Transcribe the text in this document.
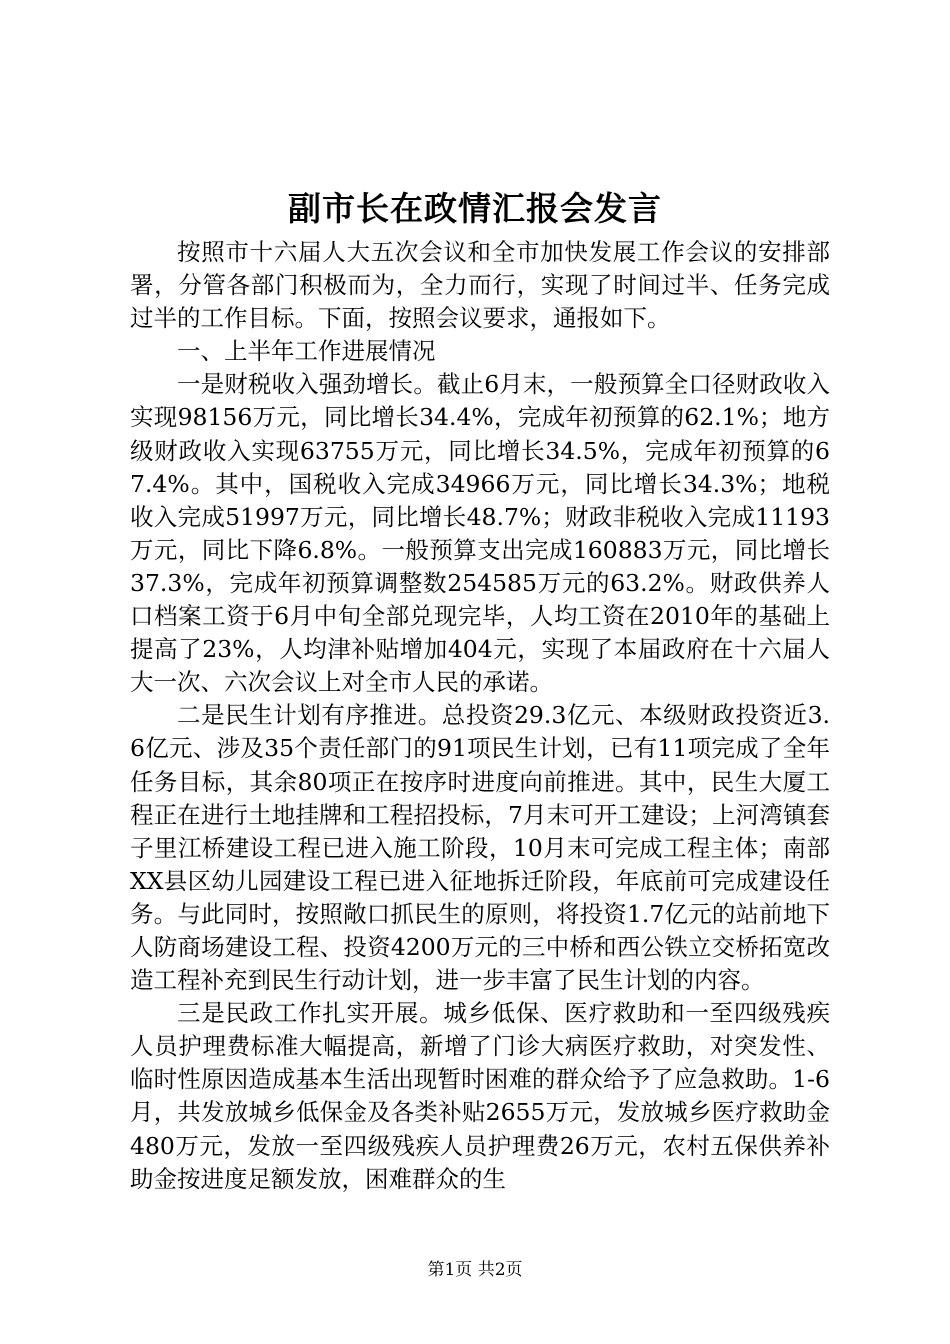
副市长在政情汇报会发言

按照市十六届人大五次会议和全市加快发展工作会议的安排部署，分管各部门积极而为，全力而行，实现了时间过半、任务完成过半的工作目标。下面，按照会议要求，通报如下。

一、上半年工作进展情况

一是财税收入强劲增长。截止6月末，一般预算全口径财政收入实现98156万元，同比增长34.4%，完成年初预算的62.1%；地方级财政收入实现63755万元，同比增长34.5%，完成年初预算的67.4%。其中，国税收入完成34966万元，同比增长34.3%；地税收入完成51997万元，同比增长48.7%；财政非税收入完成11193万元，同比下降6.8%。一般预算支出完成160883万元，同比增长37.3%，完成年初预算调整数254585万元的63.2%。财政供养人口档案工资于6月中旬全部兑现完毕，人均工资在2010年的基础上提高了23%，人均津补贴增加404元，实现了本届政府在十六届人大一次、六次会议上对全市人民的承诺。

二是民生计划有序推进。总投资29.3亿元、本级财政投资近3.6亿元、涉及35个责任部门的91项民生计划，已有11项完成了全年任务目标，其余80项正在按序时进度向前推进。其中，民生大厦工程正在进行土地挂牌和工程招投标，7月末可开工建设；上河湾镇套子里江桥建设工程已进入施工阶段，10月末可完成工程主体；南部XX县区幼儿园建设工程已进入征地拆迁阶段，年底前可完成建设任务。与此同时，按照敞口抓民生的原则，将投资1.7亿元的站前地下人防商场建设工程、投资4200万元的三中桥和西公铁立交桥拓宽改造工程补充到民生行动计划，进一步丰富了民生计划的内容。

三是民政工作扎实开展。城乡低保、医疗救助和一至四级残疾人员护理费标准大幅提高，新增了门诊大病医疗救助，对突发性、临时性原因造成基本生活出现暂时困难的群众给予了应急救助。1-6月，共发放城乡低保金及各类补贴2655万元，发放城乡医疗救助金480万元，发放一至四级残疾人员护理费26万元，农村五保供养补助金按进度足额发放，困难群众的生

第1页 共2页
